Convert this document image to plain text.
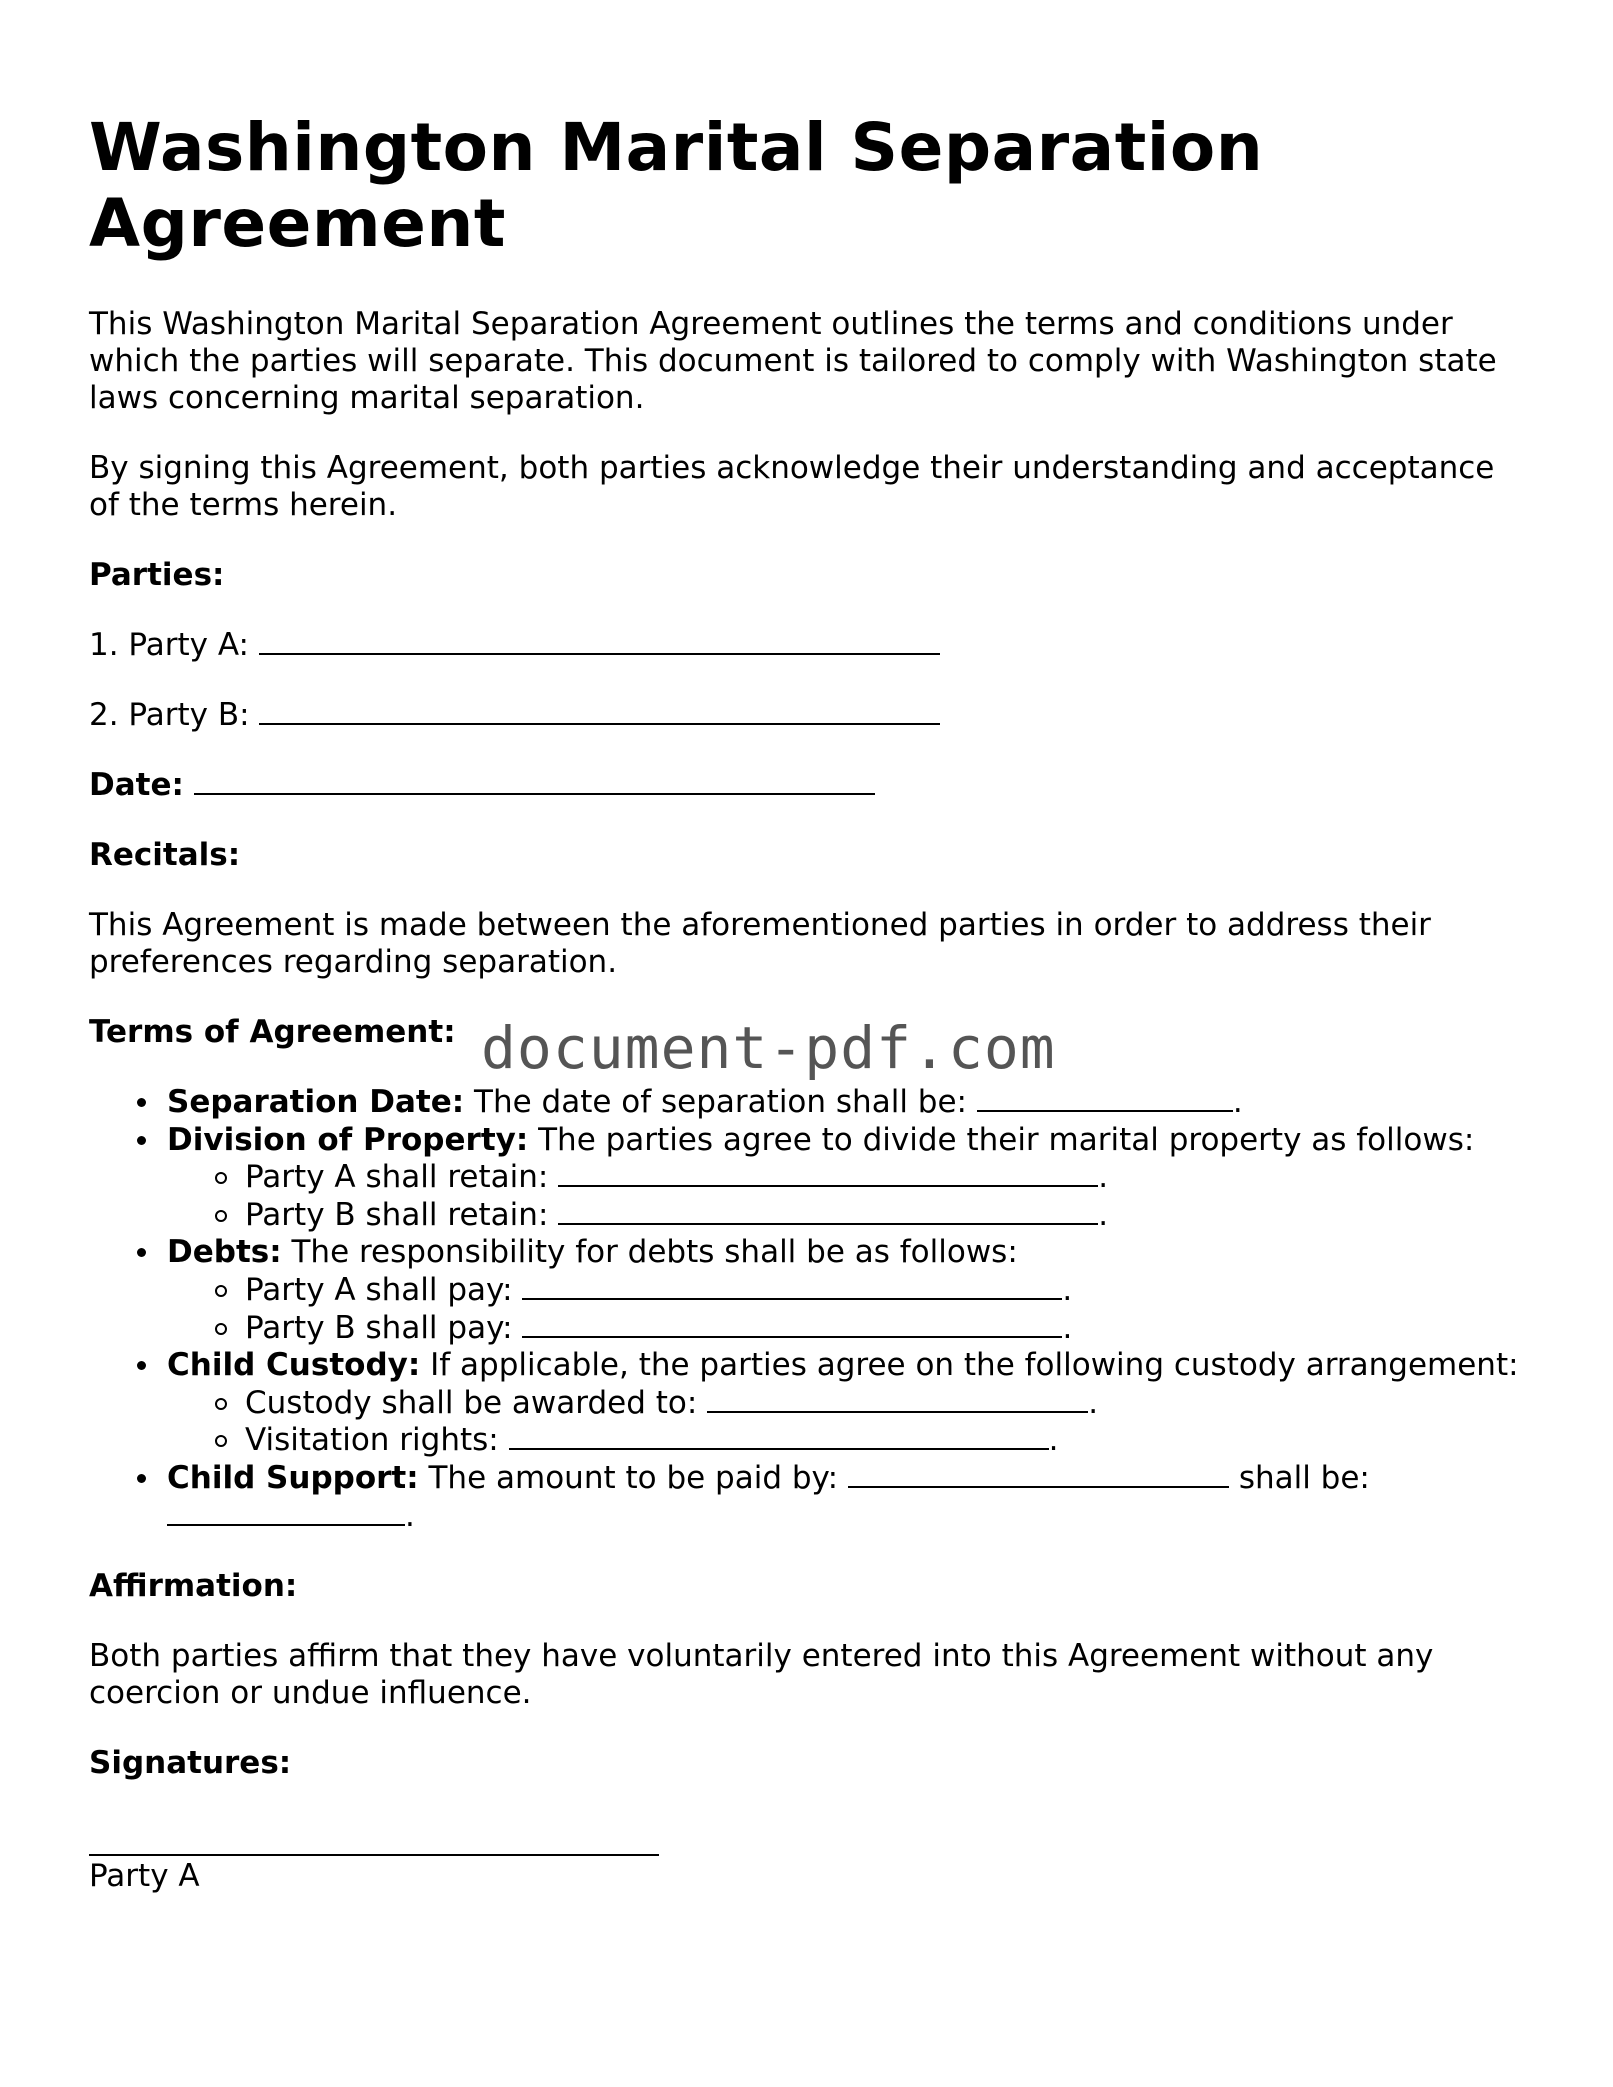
Washington Marital Separation Agreement

This Washington Marital Separation Agreement outlines the terms and conditions under which the parties will separate. This document is tailored to comply with Washington state laws concerning marital separation.

By signing this Agreement, both parties acknowledge their understanding and acceptance of the terms herein.

Parties:

1. Party A:

2. Party B:

Date:

Recitals:

This Agreement is made between the aforementioned parties in order to address their preferences regarding separation.

Terms of Agreement:

Separation Date: The date of separation shall be:	.
Division of Property: The parties agree to divide their marital property as follows:
Party A shall retain:	.
Party B shall retain:	.
Debts: The responsibility for debts shall be as follows:
Party A shall pay:	.
Party B shall pay:	.
Child Custody: If applicable, the parties agree on the following custody arrangement:
Custody shall be awarded to:	.
Visitation rights:	.
Child Support: The amount to be paid by:	shall be: .

Affirmation:

Both parties affirm that they have voluntarily entered into this Agreement without any coercion or undue influence.

Signatures:

Party A
document-pdf.com
